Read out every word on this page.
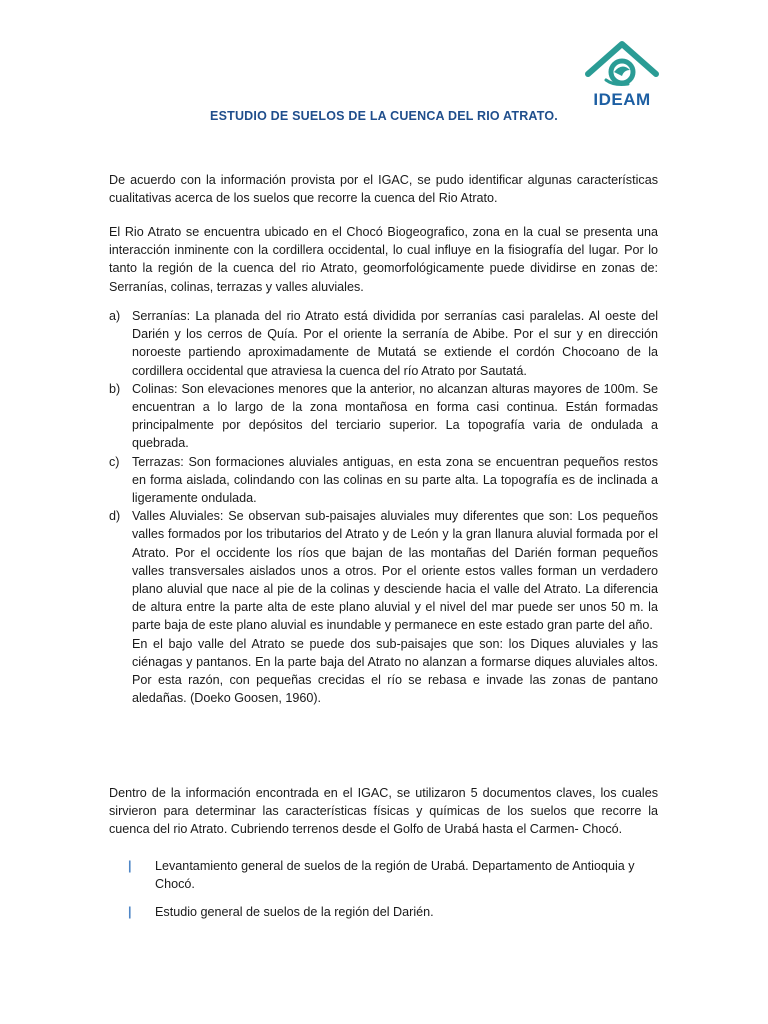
IDEAM
ESTUDIO DE SUELOS DE LA CUENCA DEL RIO ATRATO.
De acuerdo con la información provista por el IGAC, se pudo identificar algunas características cualitativas acerca de los suelos que recorre la cuenca del Rio Atrato.
El Rio Atrato se encuentra ubicado en el Chocó Biogeografico, zona en la cual se presenta una interacción inminente con la cordillera occidental, lo cual influye en la fisiografía del lugar. Por lo tanto la región de la cuenca del rio Atrato, geomorfológicamente puede dividirse en zonas de: Serranías, colinas, terrazas y valles aluviales.
a) Serranías: La planada del rio Atrato está dividida por serranías casi paralelas. Al oeste del Darién y los cerros de Quía. Por el oriente la serranía de Abibe. Por el sur y en dirección noroeste partiendo aproximadamente de Mutatá se extiende el cordón Chocoano de la cordillera occidental que atraviesa la cuenca del río Atrato por Sautatá.
b) Colinas: Son elevaciones menores que la anterior, no alcanzan alturas mayores de 100m. Se encuentran a lo largo de la zona montañosa en forma casi continua. Están formadas principalmente por depósitos del terciario superior. La topografía varia de ondulada a quebrada.
c) Terrazas: Son formaciones aluviales antiguas, en esta zona se encuentran pequeños restos en forma aislada, colindando con las colinas en su parte alta. La topografía es de inclinada a ligeramente ondulada.
d) Valles Aluviales: Se observan sub-paisajes aluviales muy diferentes que son: Los pequeños valles formados por los tributarios del Atrato y de León y la gran llanura aluvial formada por el Atrato. Por el occidente los ríos que bajan de las montañas del Darién forman pequeños valles transversales aislados unos a otros. Por el oriente estos valles forman un verdadero plano aluvial que nace al pie de la colinas y desciende hacia el valle del Atrato. La diferencia de altura entre la parte alta de este plano aluvial y el nivel del mar puede ser unos 50 m. la parte baja de este plano aluvial es inundable y permanece en este estado gran parte del año.
En el bajo valle del Atrato se puede dos sub-paisajes que son: los Diques aluviales y las ciénagas y pantanos. En la parte baja del Atrato no alanzan a formarse diques aluviales altos. Por esta razón, con pequeñas crecidas el río se rebasa e invade las zonas de pantano aledañas. (Doeko Goosen, 1960).
Dentro de la información encontrada en el IGAC, se utilizaron 5 documentos claves, los cuales sirvieron para determinar las características físicas y químicas de los suelos que recorre la cuenca del rio Atrato. Cubriendo terrenos desde el Golfo de Urabá hasta el Carmen- Chocó.
|	Levantamiento general de suelos de la región de Urabá. Departamento de Antioquia y Chocó.
|	Estudio general de suelos de la región del Darién.
